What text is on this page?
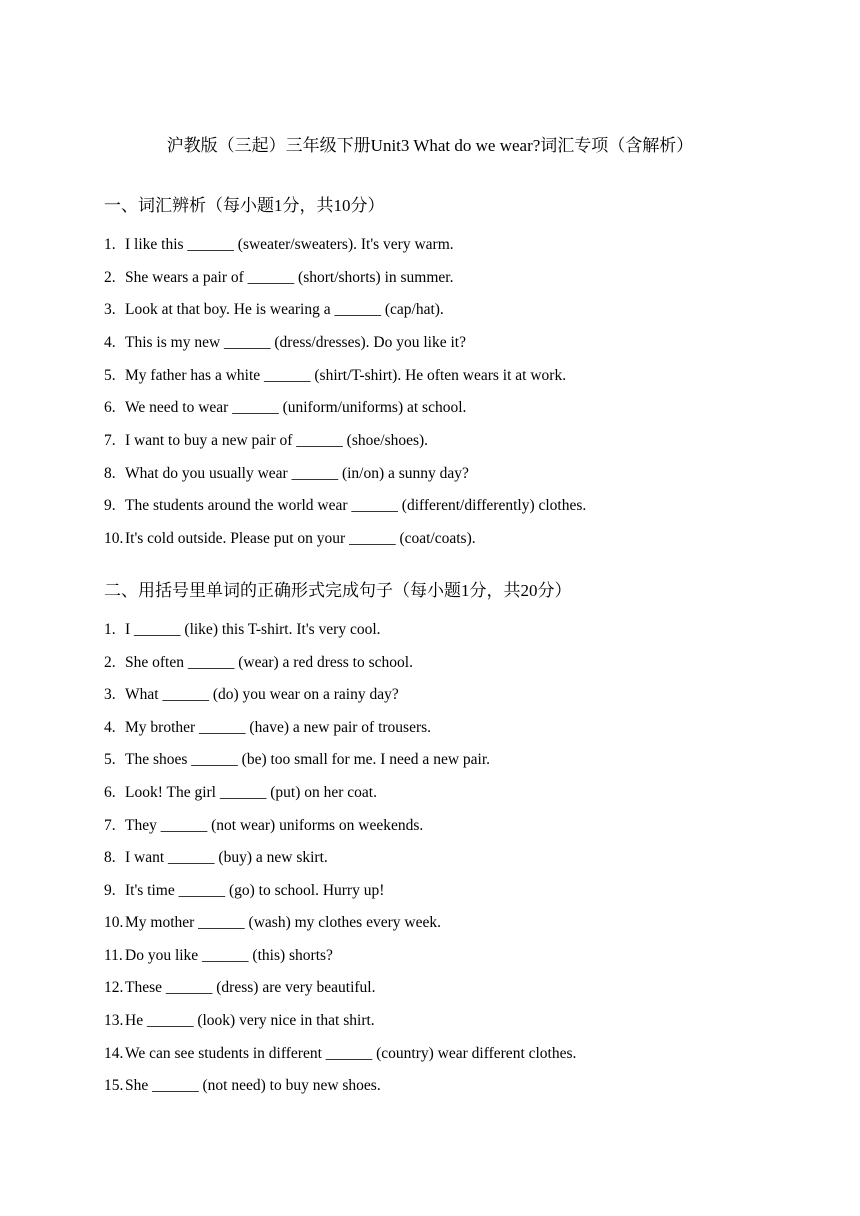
沪教版（三起）三年级下册Unit3 What do we wear?词汇专项（含解析）
一、词汇辨析（每小题1分，共10分）
1. I like this ______ (sweater/sweaters). It's very warm.
2. She wears a pair of ______ (short/shorts) in summer.
3. Look at that boy. He is wearing a ______ (cap/hat).
4. This is my new ______ (dress/dresses). Do you like it?
5. My father has a white ______ (shirt/T-shirt). He often wears it at work.
6. We need to wear ______ (uniform/uniforms) at school.
7. I want to buy a new pair of ______ (shoe/shoes).
8. What do you usually wear ______ (in/on) a sunny day?
9. The students around the world wear ______ (different/differently) clothes.
10. It's cold outside. Please put on your ______ (coat/coats).
二、用括号里单词的正确形式完成句子（每小题1分，共20分）
1. I ______ (like) this T-shirt. It's very cool.
2. She often ______ (wear) a red dress to school.
3. What ______ (do) you wear on a rainy day?
4. My brother ______ (have) a new pair of trousers.
5. The shoes ______ (be) too small for me. I need a new pair.
6. Look! The girl ______ (put) on her coat.
7. They ______ (not wear) uniforms on weekends.
8. I want ______ (buy) a new skirt.
9. It's time ______ (go) to school. Hurry up!
10. My mother ______ (wash) my clothes every week.
11. Do you like ______ (this) shorts?
12. These ______ (dress) are very beautiful.
13. He ______ (look) very nice in that shirt.
14. We can see students in different ______ (country) wear different clothes.
15. She ______ (not need) to buy new shoes.
